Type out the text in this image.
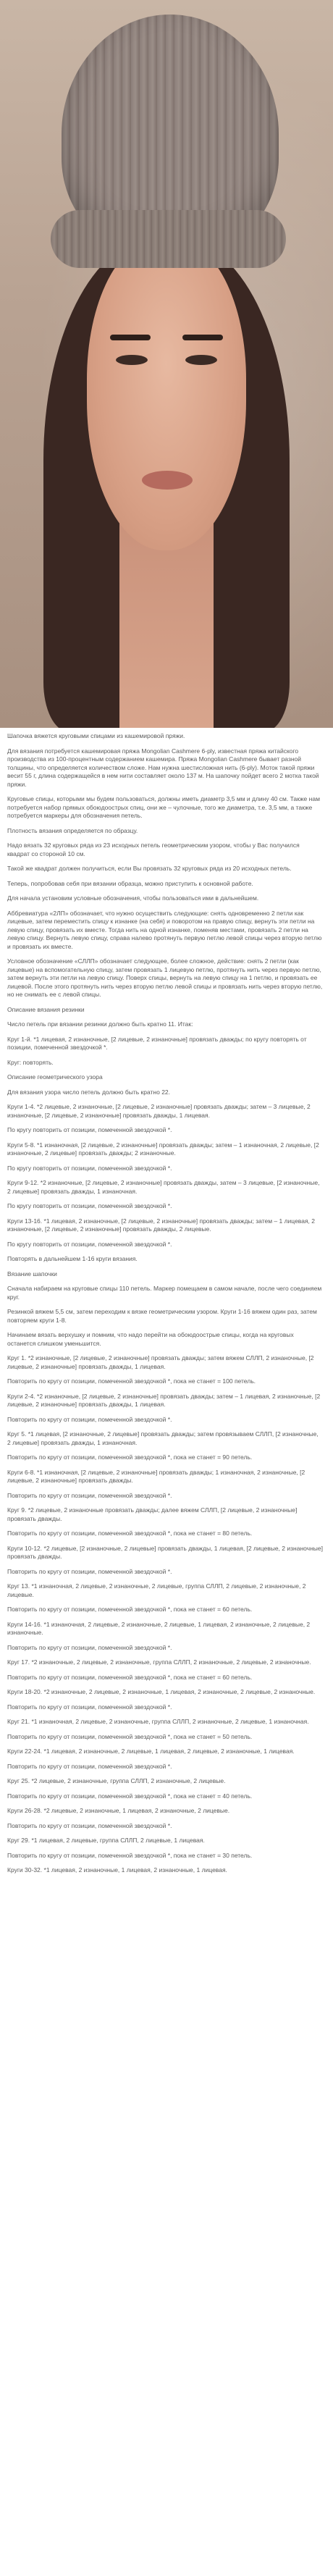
Шапочка вяжется круговыми спицами из кашемировой пряжи.

Для вязания потребуется кашемировая пряжа Mongolian Cashmere 6-ply, известная пряжа китайского производства из 100-процентным содержанием кашемира. Пряжа Mongolian Cashmere бывает разной толщины, что определяется количеством сложе. Нам нужна шестисложная нить (6-ply). Моток такой пряжи весит 55 г, длина содержащейся в нем нити составляет около 137 м. На шапочку пойдет всего 2 мотка такой пряжи.

Круговые спицы, которыми мы будем пользоваться, должны иметь диаметр 3,5 мм и длину 40 см. Также нам потребуется набор прямых обоюдоострых спиц, они же – чулочные, того же диаметра, т.е. 3,5 мм, а также потребуется маркеры для обозначения петель.

Плотность вязания определяется по образцу.

Надо вязать 32 круговых ряда из 23 исходных петель геометрическим узором, чтобы у Вас получился квадрат со стороной 10 см.

Такой же квадрат должен получиться, если Вы провязать 32 круговых ряда из 20 исходных петель.

Теперь, попробовав себя при вязании образца, можно приступить к основной работе.

Для начала установим условные обозначения, чтобы пользоваться ими в дальнейшем.

Аббревиатура «2ЛП» обозначает, что нужно осуществить следующие: снять одновременно 2 петли как лицевые, затем переместить спицу к изнанке (на себя) и поворотом на правую спицу, вернуть эти петли на левую спицу, провязать их вместе. Тогда нить на одной изнанке, поменяв местами, провязать 2 петли на левую спицу. Вернуть левую спицу, справа налево протянуть первую петлю левой спицы через вторую петлю и провязать их вместе.

Условное обозначение «СЛЛП» обозначает следующее, более сложное, действие: снять 2 петли (как лицевые) на вспомогательную спицу, затем провязать 1 лицевую петлю, протянуть нить через первую петлю, затем вернуть эти петли на левую спицу. Поверх спицы, вернуть на левую спицу на 1 петлю, и провязать ее лицевой. После этого протянуть нить через вторую петлю левой спицы и провязать нить через вторую петлю, но не снимать ее с левой спицы.

Описание вязания резинки

Число петель при вязании резинки должно быть кратно 11. Итак:

Круг 1-й. *1 лицевая, 2 изнаночные, [2 лицевые, 2 изнаночные] провязать дважды; по кругу повторять от позиции, помеченной звездочкой *.

Круг: повторять.

Описание геометрического узора

Для вязания узора число петель должно быть кратно 22.

Круги 1-4. *2 лицевые, 2 изнаночные, [2 лицевые, 2 изнаночные] провязать дважды; затем – 3 лицевые, 2 изнаночные, [2 лицевые, 2 изнаночные] провязать дважды, 1 лицевая.

По кругу повторить от позиции, помеченной звездочкой *.

Круги 5-8. *1 изнаночная, [2 лицевые, 2 изнаночные] провязать дважды; затем – 1 изнаночная, 2 лицевые, [2 изнаночные, 2 лицевые] провязать дважды; 2 изнаночные.

По кругу повторить от позиции, помеченной звездочкой *.

Круги 9-12. *2 изнаночные, [2 лицевые, 2 изнаночные] провязать дважды, затем – 3 лицевые, [2 изнаночные, 2 лицевые] провязать дважды, 1 изнаночная.

По кругу повторить от позиции, помеченной звездочкой *.

Круги 13-16. *1 лицевая, 2 изнаночные, [2 лицевые, 2 изнаночные] провязать дважды; затем – 1 лицевая, 2 изнаночные, [2 лицевые, 2 изнаночные] провязать дважды, 2 лицевые.

По кругу повторить от позиции, помеченной звездочкой *.

Повторять в дальнейшем 1-16 круги вязания.

Вязание шапочки

Сначала набираем на круговые спицы 110 петель. Маркер помещаем в самом начале, после чего соединяем круг.

Резинкой вяжем 5,5 см, затем переходим к вязке геометрическим узором. Круги 1-16 вяжем один раз, затем повторяем круги 1-8.

Начинаем вязать верхушку и помним, что надо перейти на обоюдоострые спицы, когда на круговых останется слишком уменьшится.

Круг 1. *2 изнаночные, [2 лицевые, 2 изнаночные] провязать дважды; затем вяжем СЛЛП, 2 изнаночные, [2 лицевые, 2 изнаночные] провязать дважды, 1 лицевая.

Повторить по кругу от позиции, помеченной звездочкой *, пока не станет = 100 петель.

Круги 2-4. *2 изнаночные, [2 лицевые, 2 изнаночные] провязать дважды; затем – 1 лицевая, 2 изнаночные, [2 лицевые, 2 изнаночные] провязать дважды, 1 лицевая.

Повторить по кругу от позиции, помеченной звездочкой *.

Круг 5. *1 лицевая, [2 изнаночные, 2 лицевые] провязать дважды; затем провязываем СЛЛП, [2 изнаночные, 2 лицевые] провязать дважды, 1 изнаночная.

Повторить по кругу от позиции, помеченной звездочкой *, пока не станет = 90 петель.

Круги 6-8. *1 изнаночная, [2 лицевые, 2 изнаночные] провязать дважды; 1 изнаночная, 2 изнаночные, [2 лицевые, 2 изнаночные] провязать дважды.

Повторить по кругу от позиции, помеченной звездочкой *.

Круг 9. *2 лицевые, 2 изнаночные провязать дважды; далее вяжем СЛЛП, [2 лицевые, 2 изнаночные] провязать дважды.

Повторить по кругу от позиции, помеченной звездочкой *, пока не станет = 80 петель.

Круги 10-12. *2 лицевые, [2 изнаночные, 2 лицевые] провязать дважды, 1 лицевая, [2 лицевые, 2 изнаночные] провязать дважды.

Повторить по кругу от позиции, помеченной звездочкой *.

Круг 13. *1 изнаночная, 2 лицевые, 2 изнаночные, 2 лицевые, группа СЛЛП, 2 лицевые, 2 изнаночные, 2 лицевые.

Повторить по кругу от позиции, помеченной звездочкой *, пока не станет = 60 петель.

Круги 14-16. *1 изнаночная, 2 лицевые, 2 изнаночные, 2 лицевые, 1 лицевая, 2 изнаночные, 2 лицевые, 2 изнаночные.

Повторить по кругу от позиции, помеченной звездочкой *.

Круг 17. *2 изнаночные, 2 лицевые, 2 изнаночные, группа СЛЛП, 2 изнаночные, 2 лицевые, 2 изнаночные.

Повторить по кругу от позиции, помеченной звездочкой *, пока не станет = 60 петель.

Круги 18-20. *2 изнаночные, 2 лицевые, 2 изнаночные, 1 лицевая, 2 изнаночные, 2 лицевые, 2 изнаночные.

Повторить по кругу от позиции, помеченной звездочкой *.

Круг 21. *1 изнаночная, 2 лицевые, 2 изнаночные, группа СЛЛП, 2 изнаночные, 2 лицевые, 1 изнаночная.

Повторить по кругу от позиции, помеченной звездочкой *, пока не станет = 50 петель.

Круги 22-24. *1 лицевая, 2 изнаночные, 2 лицевые, 1 лицевая, 2 лицевые, 2 изнаночные, 1 лицевая.

Повторить по кругу от позиции, помеченной звездочкой *.

Круг 25. *2 лицевые, 2 изнаночные, группа СЛЛП, 2 изнаночные, 2 лицевые.

Повторить по кругу от позиции, помеченной звездочкой *, пока не станет = 40 петель.

Круги 26-28. *2 лицевые, 2 изнаночные, 1 лицевая, 2 изнаночные, 2 лицевые.

Повторить по кругу от позиции, помеченной звездочкой *.

Круг 29. *1 лицевая, 2 лицевые, группа СЛЛП, 2 лицевые, 1 лицевая.

Повторить по кругу от позиции, помеченной звездочкой *, пока не станет = 30 петель.

Круги 30-32. *1 лицевая, 2 изнаночные, 1 лицевая, 2 изнаночные, 1 лицевая.
